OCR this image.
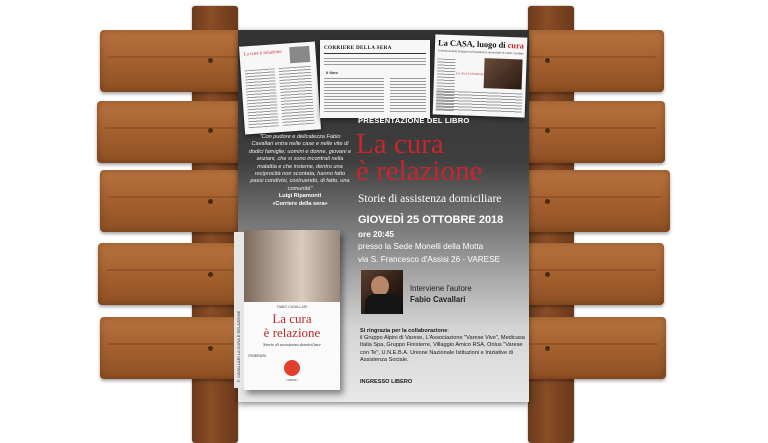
La cura è relazione
CORRIERE DELLA SERA
Il libro
La CASA, luogo di cura
Un'interessante indagine sull'assistenza domiciliare di Fabio Cavallari
La cura è relazione
"Con pudore e delicatezza Fabio Cavallari entra nelle case e nelle vite di dodici famiglie; uomini e donne, giovani e anziani, che si sono incontrati nella malattia e che insieme, dentro una reciprocità non scontata, hanno fatto passi condivisi, costruendo, di fatto, una comunità"
Luigi Ripamonti
«Corriere della sera»
F. CAVALLARI LA CURA È RELAZIONE
FABIO CAVALLARI
La cura
è relazione
Storie di assistenza domiciliare
LINDAU
ITINERARI
PRESENTAZIONE DEL LIBRO
La cura
è relazione
Storie di assistenza domiciliare
GIOVEDÌ 25 OTTOBRE 2018
ore 20:45
presso la Sede Monelli della Motta
via S. Francesco d'Assisi 26 - VARESE
Interviene l'autore
Fabio Cavallari
Si ringrazia per la collaborazione:
il Gruppo Alpini di Varese, L'Associazione "Varese Vive", Medicasa Italia Spa, Gruppo Finisterre, Villaggio Amico RSA, Onlus "Varese con Te", U.N.E.B.A. Unione Nazionale Istituzioni e Iniziative di Assistenza Sociale.
INGRESSO LIBERO
